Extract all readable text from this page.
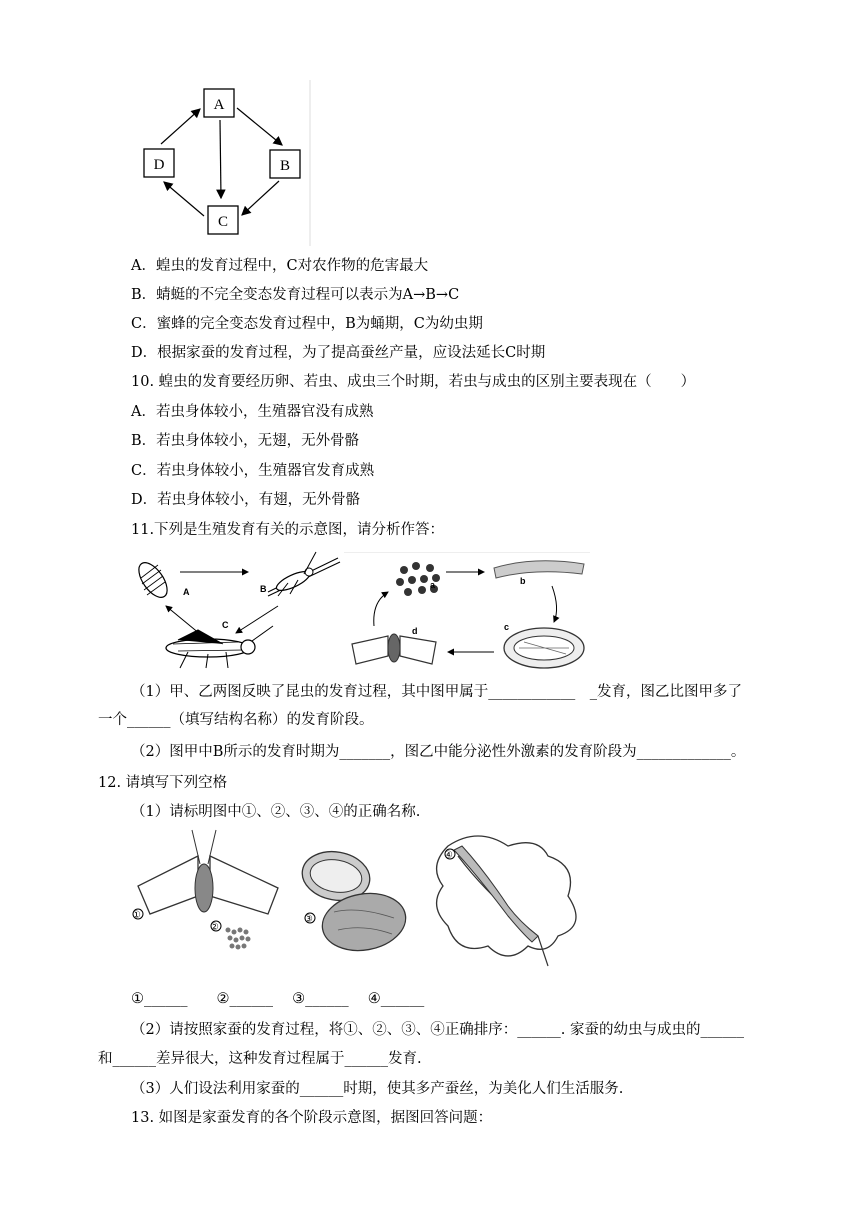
A
B
C
D
A．蝗虫的发育过程中，C对农作物的危害最大
B．蜻蜓的不完全变态发育过程可以表示为A→B→C
C．蜜蜂的完全变态发育过程中，B为蛹期，C为幼虫期
D．根据家蚕的发育过程，为了提高蚕丝产量，应设法延长C时期
10. 蝗虫的发育要经历卵、若虫、成虫三个时期，若虫与成虫的区别主要表现在（　　）
A．若虫身体较小，生殖器官没有成熟
B．若虫身体较小，无翅，无外骨骼
C．若虫身体较小，生殖器官发育成熟
D．若虫身体较小，有翅，无外骨骼
11.下列是生殖发育有关的示意图，请分析作答：
A	B
C
a	b
c
d
（1）甲、乙两图反映了昆虫的发育过程，其中图甲属于____________　_发育，图乙比图甲多了
一个______（填写结构名称）的发育阶段。
（2）图甲中B所示的发育时期为_______，图乙中能分泌性外激素的发育阶段为_____________。
12. 请填写下列空格
（1）请标明图中①、②、③、④的正确名称.
①
②
③
④
①______　　②______　 ③______　 ④______
（2）请按照家蚕的发育过程，将①、②、③、④正确排序：______. 家蚕的幼虫与成虫的______
和______差异很大，这种发育过程属于______发育.
（3）人们设法利用家蚕的______时期，使其多产蚕丝，为美化人们生活服务.
13. 如图是家蚕发育的各个阶段示意图，据图回答问题：
